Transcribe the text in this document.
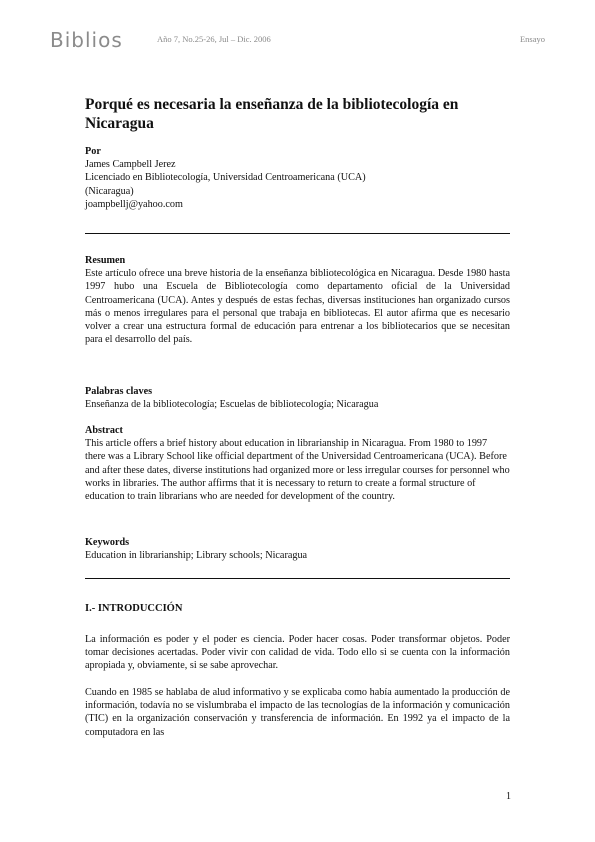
Biblios	Año 7, No.25-26, Jul – Dic. 2006	Ensayo
Porqué es necesaria la enseñanza de la bibliotecología en Nicaragua
Por
James Campbell Jerez
Licenciado en Bibliotecología, Universidad Centroamericana (UCA)
(Nicaragua)
joampbellj@yahoo.com
Resumen
Este artículo ofrece una breve historia de la enseñanza bibliotecológica en Nicaragua. Desde 1980 hasta 1997 hubo una Escuela de Bibliotecología como departamento oficial de la Universidad Centroamericana (UCA). Antes y después de estas fechas, diversas instituciones han organizado cursos más o menos irregulares para el personal que trabaja en bibliotecas. El autor afirma que es necesario volver a crear una estructura formal de educación para entrenar a los bibliotecarios que se necesitan para el desarrollo del país.
Palabras claves
Enseñanza de la bibliotecología; Escuelas de bibliotecología; Nicaragua
Abstract
This article offers a brief history about education in librarianship in Nicaragua. From 1980 to 1997 there was a Library School like official department of the Universidad Centroamericana (UCA). Before and after these dates, diverse institutions had organized more or less irregular courses for personnel who works in libraries. The author affirms that it is necessary to return to create a formal structure of education to train librarians who are needed for development of the country.
Keywords
Education in librarianship; Library schools; Nicaragua
I.- INTRODUCCIÓN
La información es poder y el poder es ciencia. Poder hacer cosas. Poder transformar objetos. Poder tomar decisiones acertadas. Poder vivir con calidad de vida. Todo ello si se cuenta con la información apropiada y, obviamente, si se sabe aprovechar.
Cuando en 1985 se hablaba de alud informativo y se explicaba como había aumentado la producción de información, todavía no se vislumbraba el impacto de las tecnologías de la información y comunicación (TIC) en la organización conservación y transferencia de información. En 1992 ya el impacto de la computadora en las
1
